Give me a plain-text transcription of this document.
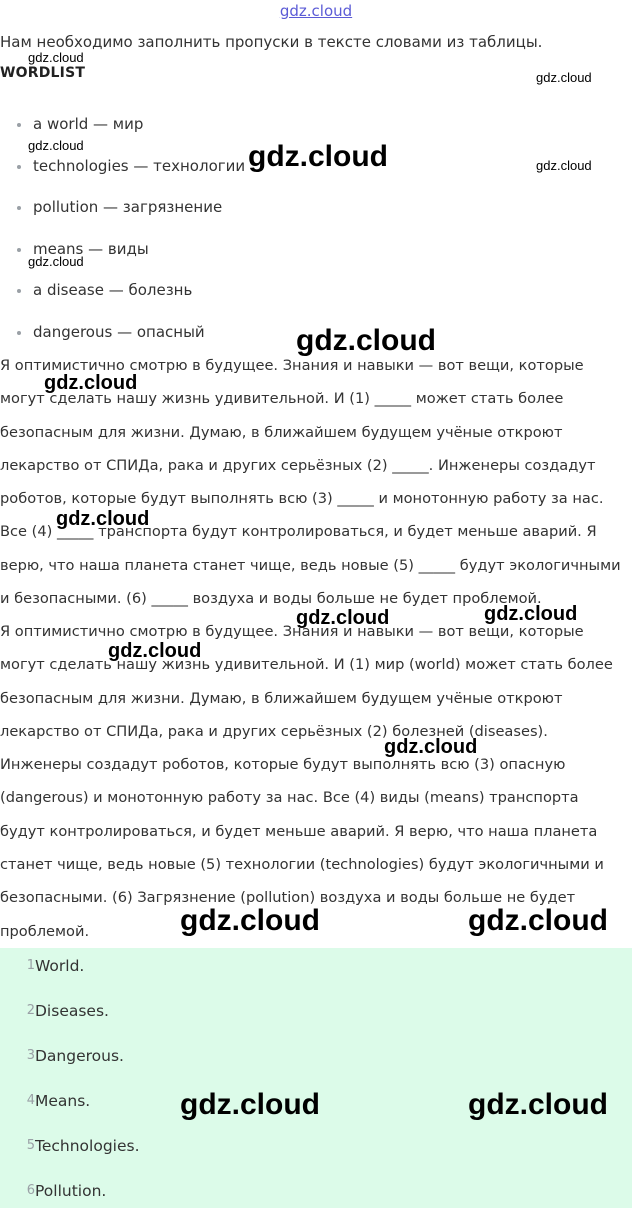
gdz.cloud
Нам необходимо заполнить пропуски в тексте словами из таблицы.
WORDLIST
a world — мир
technologies — технологии
pollution — загрязнение
means — виды
a disease — болезнь
dangerous — опасный
Я оптимистично смотрю в будущее. Знания и навыки — вот вещи, которые
могут сделать нашу жизнь удивительной. И (1) _____ может стать более
безопасным для жизни. Думаю, в ближайшем будущем учёные откроют
лекарство от СПИДа, рака и других серьёзных (2) _____. Инженеры создадут
роботов, которые будут выполнять всю (3) _____ и монотонную работу за нас.
Все (4) _____ транспорта будут контролироваться, и будет меньше аварий. Я
верю, что наша планета станет чище, ведь новые (5) _____ будут экологичными
и безопасными. (6) _____ воздуха и воды больше не будет проблемой.
Я оптимистично смотрю в будущее. Знания и навыки — вот вещи, которые
могут сделать нашу жизнь удивительной. И (1) мир (world) может стать более
безопасным для жизни. Думаю, в ближайшем будущем учёные откроют
лекарство от СПИДа, рака и других серьёзных (2) болезней (diseases).
Инженеры создадут роботов, которые будут выполнять всю (3) опасную
(dangerous) и монотонную работу за нас. Все (4) виды (means) транспорта
будут контролироваться, и будет меньше аварий. Я верю, что наша планета
станет чище, ведь новые (5) технологии (technologies) будут экологичными и
безопасными. (6) Загрязнение (pollution) воздуха и воды больше не будет
проблемой.
1 World.
2 Diseases.
3 Dangerous.
4 Means.
5 Technologies.
6 Pollution.
gdz.cloud
gdz.cloud
gdz.cloud	gdz.cloud	gdz.cloud
gdz.cloud
gdz.cloud
gdz.cloud
gdz.cloud
gdz.cloud	gdz.cloud
gdz.cloud
gdz.cloud
gdz.cloud	gdz.cloud
gdz.cloud	gdz.cloud
